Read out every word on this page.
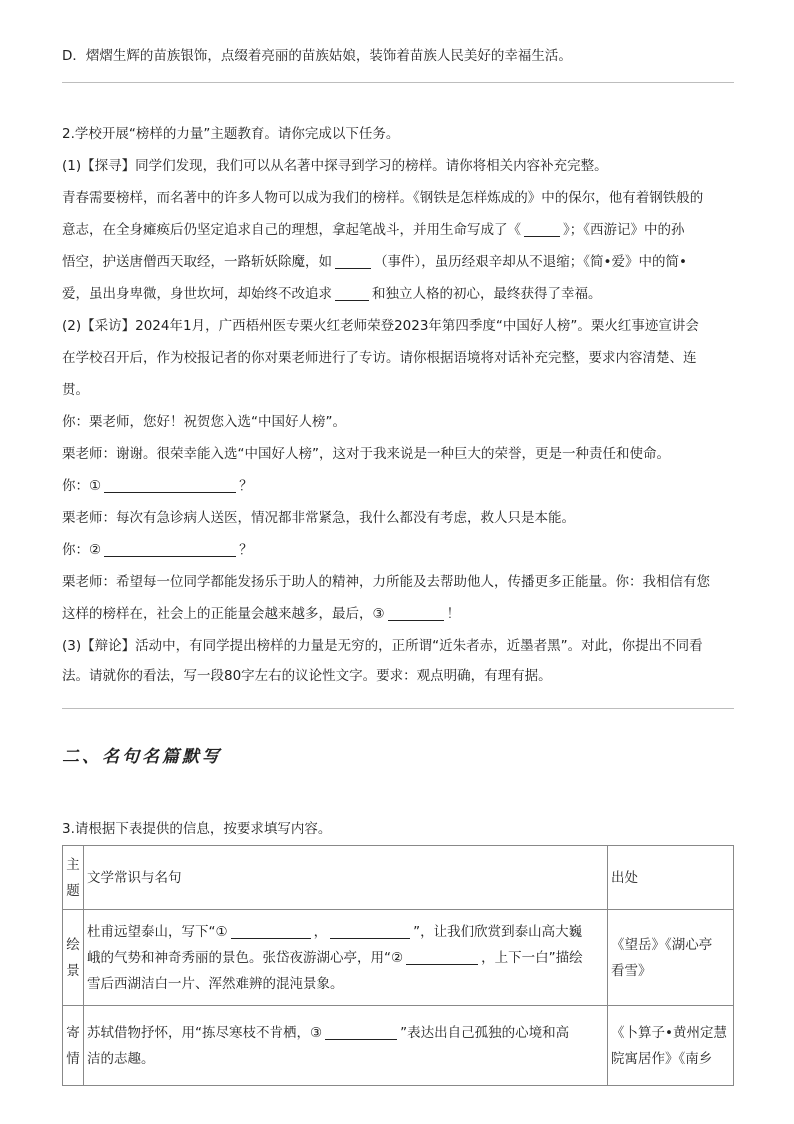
D．熠熠生辉的苗族银饰，点缀着亮丽的苗族姑娘，装饰着苗族人民美好的幸福生活。
2.学校开展“榜样的力量”主题教育。请你完成以下任务。
(1)【探寻】同学们发现，我们可以从名著中探寻到学习的榜样。请你将相关内容补充完整。
青春需要榜样，而名著中的许多人物可以成为我们的榜样。《钢铁是怎样炼成的》中的保尔，他有着钢铁般的
意志，在全身瘫痪后仍坚定追求自己的理想，拿起笔战斗，并用生命写成了《	》；《西游记》中的孙
悟空，护送唐僧西天取经，一路斩妖除魔，如	（事件），虽历经艰辛却从不退缩；《简•爱》中的简•
爱，虽出身卑微，身世坎坷，却始终不改追求	和独立人格的初心，最终获得了幸福。
(2)【采访】2024年1月，广西梧州医专栗火红老师荣登2023年第四季度“中国好人榜”。栗火红事迹宣讲会
在学校召开后，作为校报记者的你对栗老师进行了专访。请你根据语境将对话补充完整，要求内容清楚、连
贯。
你：栗老师，您好！祝贺您入选“中国好人榜”。
栗老师：谢谢。很荣幸能入选“中国好人榜”，这对于我来说是一种巨大的荣誉，更是一种责任和使命。
你：①	？
栗老师：每次有急诊病人送医，情况都非常紧急，我什么都没有考虑，救人只是本能。
你：②	？
栗老师：希望每一位同学都能发扬乐于助人的精神，力所能及去帮助他人，传播更多正能量。你：我相信有您
这样的榜样在，社会上的正能量会越来越多，最后，③	！
(3)【辩论】活动中，有同学提出榜样的力量是无穷的，正所谓“近朱者赤，近墨者黑”。对此，你提出不同看
法。请就你的看法，写一段80字左右的议论性文字。要求：观点明确，有理有据。
二、名句名篇默写
3.请根据下表提供的信息，按要求填写内容。
主
题	文学常识与名句	出处

绘
景	杜甫远望泰山，写下“① ， ”，让我们欣赏到泰山高大巍
峨的气势和神奇秀丽的景色。张岱夜游湖心亭，用“② ，上下一白”描绘
雪后西湖洁白一片、浑然难辨的混沌景象。	《望岳》《湖心亭
看雪》

寄
情	苏轼借物抒怀，用“拣尽寒枝不肯栖，③ ”表达出自己孤独的心境和高
洁的志趣。	《卜算子•黄州定慧
院寓居作》《南乡
